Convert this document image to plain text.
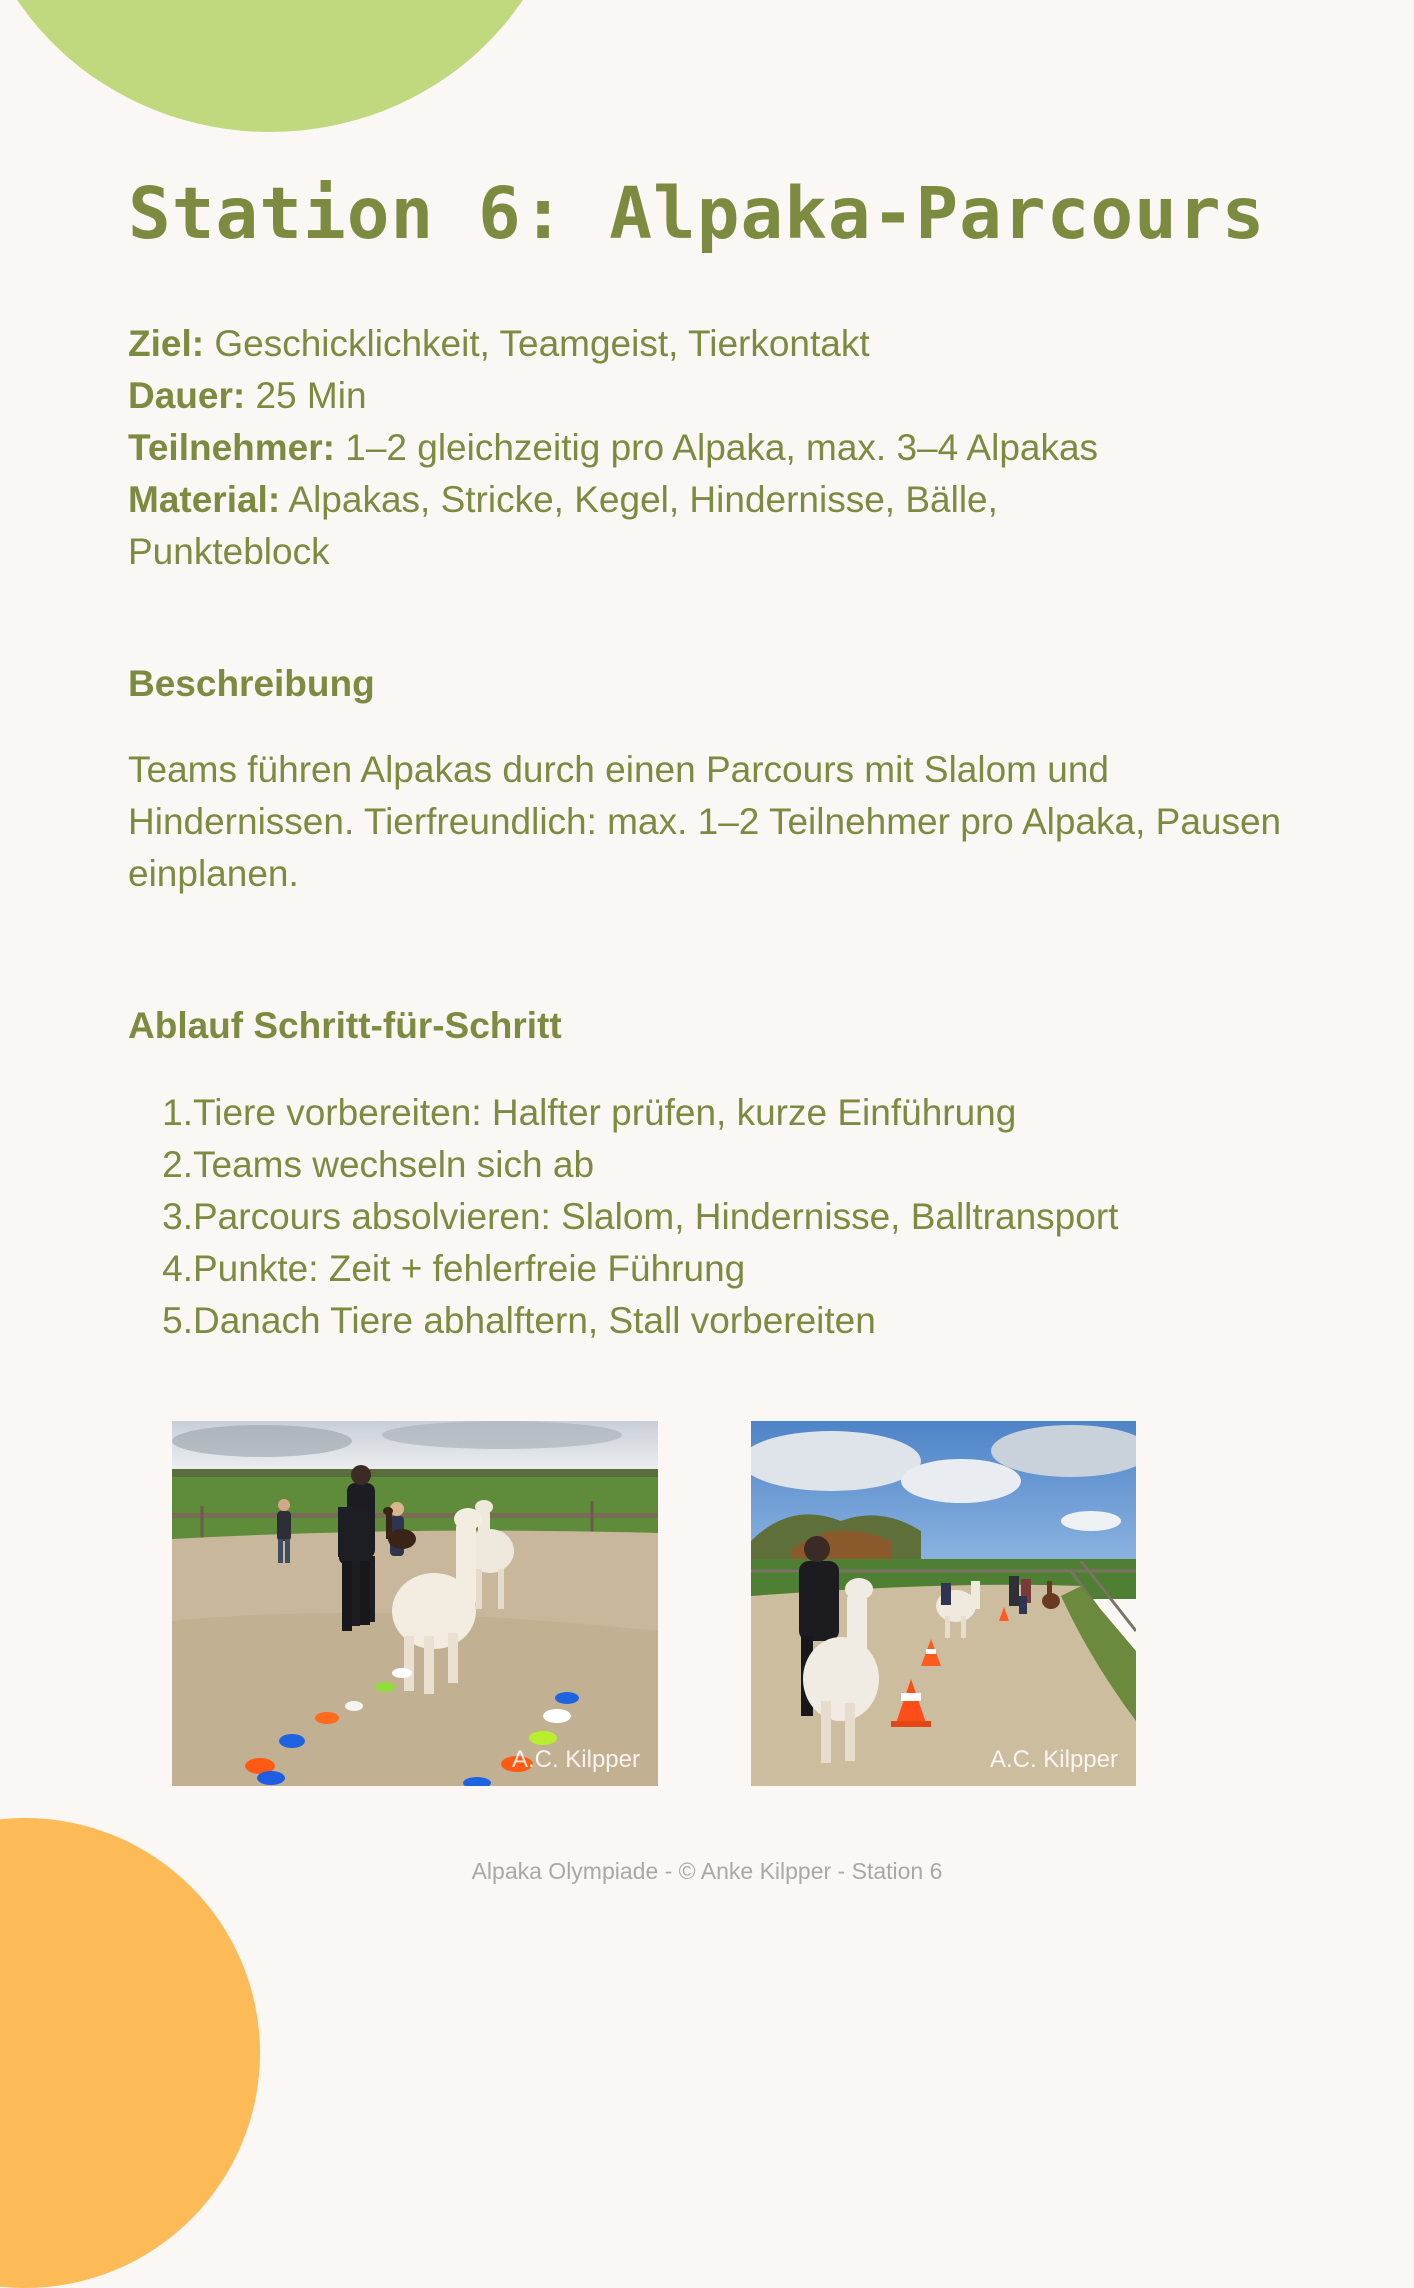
Station 6: Alpaka-Parcours
Ziel: Geschicklichkeit, Teamgeist, Tierkontakt
Dauer: 25 Min
Teilnehmer: 1–2 gleichzeitig pro Alpaka, max. 3–4 Alpakas
Material: Alpakas, Stricke, Kegel, Hindernisse, Bälle, Punkteblock
Beschreibung

Teams führen Alpakas durch einen Parcours mit Slalom und Hindernissen. Tierfreundlich: max. 1–2 Teilnehmer pro Alpaka, Pausen einplanen.

Ablauf Schritt-für-Schritt
1. Tiere vorbereiten: Halfter prüfen, kurze Einführung
2. Teams wechseln sich ab
3. Parcours absolvieren: Slalom, Hindernisse, Balltransport
4. Punkte: Zeit + fehlerfreie Führung
5. Danach Tiere abhalftern, Stall vorbereiten
A.C. Kilpper	A.C. Kilpper
Alpaka Olympiade - © Anke Kilpper - Station 6
